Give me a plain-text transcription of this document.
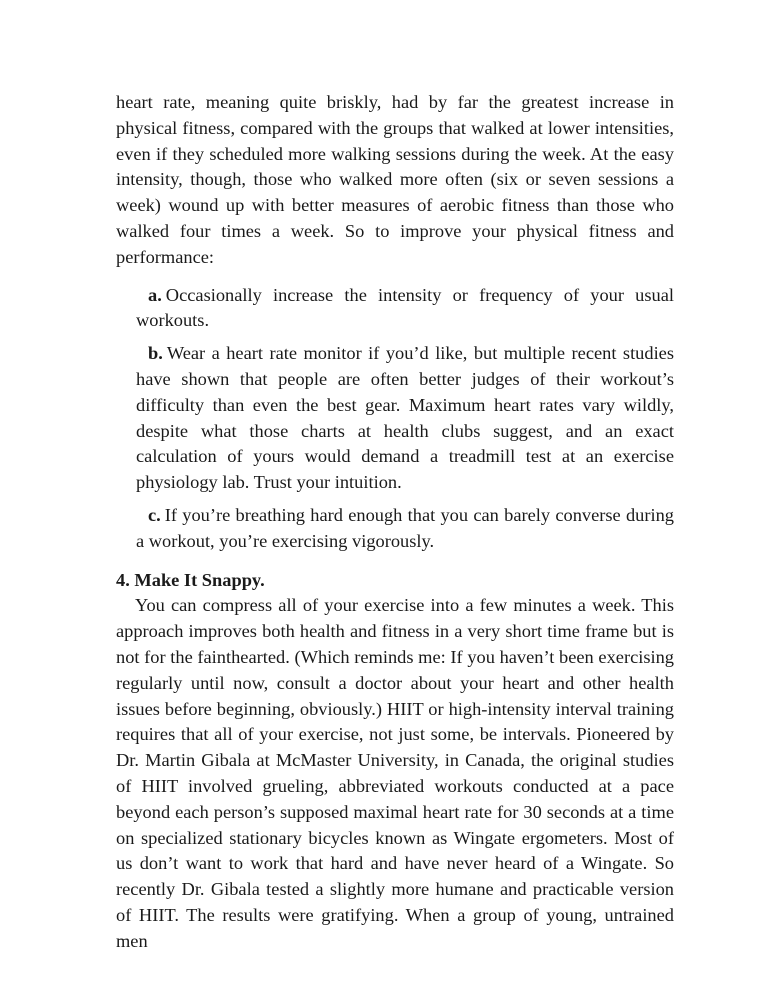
heart rate, meaning quite briskly, had by far the greatest increase in physical fitness, compared with the groups that walked at lower intensities, even if they scheduled more walking sessions during the week. At the easy intensity, though, those who walked more often (six or seven sessions a week) wound up with better measures of aerobic fitness than those who walked four times a week. So to improve your physical fitness and performance:

a. Occasionally increase the intensity or frequency of your usual workouts.

b. Wear a heart rate monitor if you’d like, but multiple recent studies have shown that people are often better judges of their workout’s difficulty than even the best gear. Maximum heart rates vary wildly, despite what those charts at health clubs suggest, and an exact calculation of yours would demand a treadmill test at an exercise physiology lab. Trust your intuition.

c. If you’re breathing hard enough that you can barely converse during a workout, you’re exercising vigorously.

4. Make It Snappy.

You can compress all of your exercise into a few minutes a week. This approach improves both health and fitness in a very short time frame but is not for the fainthearted. (Which reminds me: If you haven’t been exercising regularly until now, consult a doctor about your heart and other health issues before beginning, obviously.) HIIT or high-intensity interval training requires that all of your exercise, not just some, be intervals. Pioneered by Dr. Martin Gibala at McMaster University, in Canada, the original studies of HIIT involved grueling, abbreviated workouts conducted at a pace beyond each person’s supposed maximal heart rate for 30 seconds at a time on specialized stationary bicycles known as Wingate ergometers. Most of us don’t want to work that hard and have never heard of a Wingate. So recently Dr. Gibala tested a slightly more humane and practicable version of HIIT. The results were gratifying. When a group of young, untrained men
